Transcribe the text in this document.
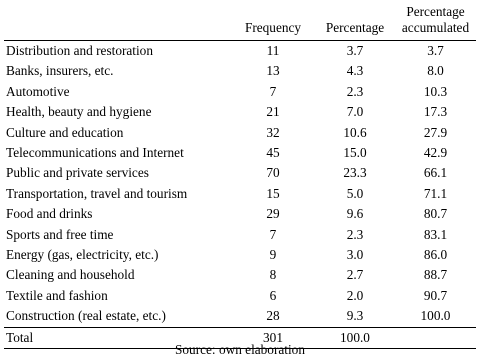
			Percentage
	Frequency	Percentage	accumulated
Distribution and restoration	11	3.7	3.7
Banks, insurers, etc.	13	4.3	8.0
Automotive	7	2.3	10.3
Health, beauty and hygiene	21	7.0	17.3
Culture and education	32	10.6	27.9
Telecommunications and Internet	45	15.0	42.9
Public and private services	70	23.3	66.1
Transportation, travel and tourism	15	5.0	71.1
Food and drinks	29	9.6	80.7
Sports and free time	7	2.3	83.1
Energy (gas, electricity, etc.)	9	3.0	86.0
Cleaning and household	8	2.7	88.7
Textile and fashion	6	2.0	90.7
Construction (real estate, etc.)	28	9.3	100.0
Total	301	100.0	
Source: own elaboration
